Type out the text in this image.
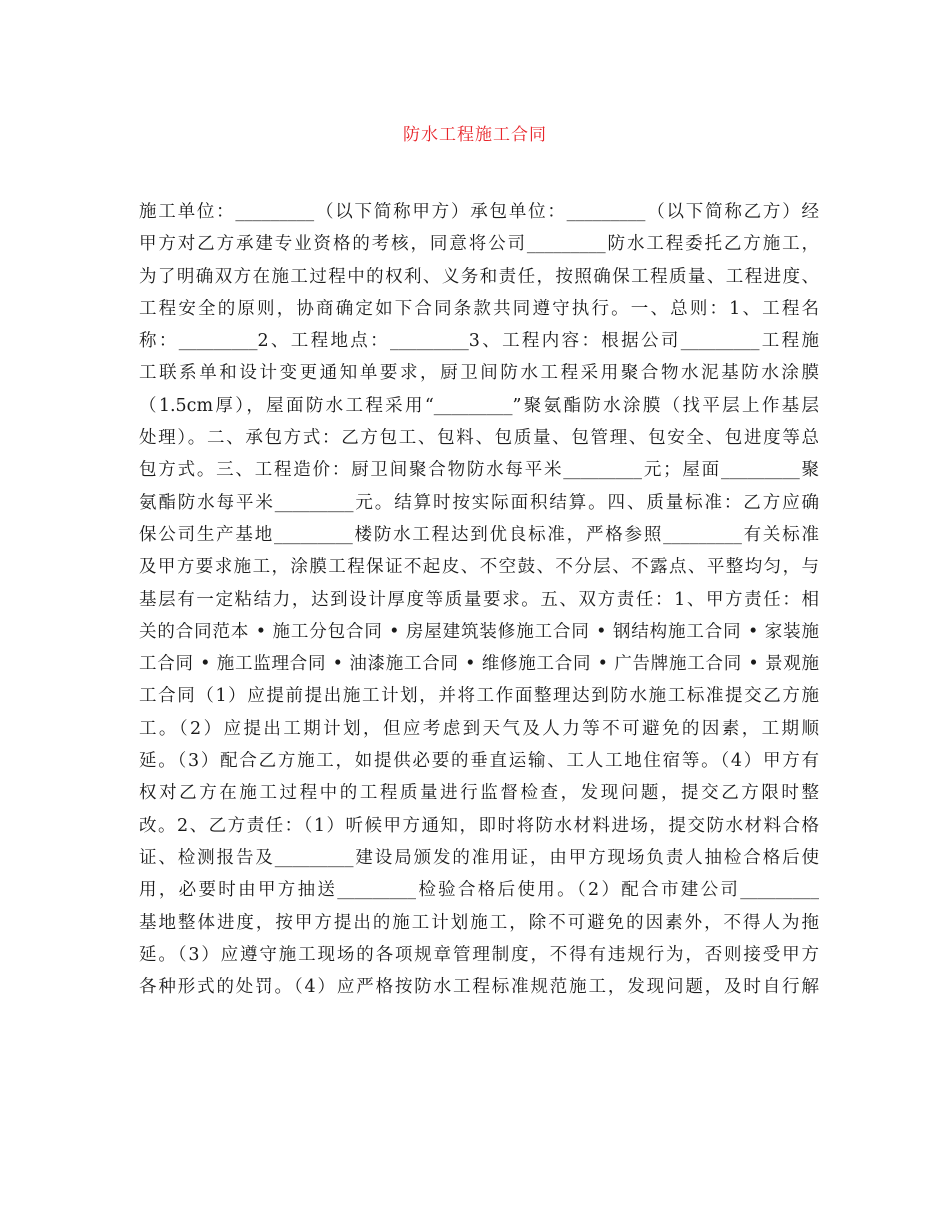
防水工程施工合同
施工单位：_________（以下简称甲方）承包单位：_________（以下简称乙方）经
甲方对乙方承建专业资格的考核，同意将公司_________防水工程委托乙方施工，
为了明确双方在施工过程中的权利、义务和责任，按照确保工程质量、工程进度、
工程安全的原则，协商确定如下合同条款共同遵守执行。一、总则：1、工程名
称：_________2、工程地点：_________3、工程内容：根据公司_________工程施
工联系单和设计变更通知单要求，厨卫间防水工程采用聚合物水泥基防水涂膜
（1.5cm厚），屋面防水工程采用“_________”聚氨酯防水涂膜（找平层上作基层
处理）。二、承包方式：乙方包工、包料、包质量、包管理、包安全、包进度等总
包方式。三、工程造价：厨卫间聚合物防水每平米_________元；屋面_________聚
氨酯防水每平米_________元。结算时按实际面积结算。四、质量标准：乙方应确
保公司生产基地_________楼防水工程达到优良标准，严格参照_________有关标准
及甲方要求施工，涂膜工程保证不起皮、不空鼓、不分层、不露点、平整均匀，与
基层有一定粘结力，达到设计厚度等质量要求。五、双方责任：1、甲方责任：相
关的合同范本 • 施工分包合同 • 房屋建筑装修施工合同 • 钢结构施工合同 • 家装施
工合同 • 施工监理合同 • 油漆施工合同 • 维修施工合同 • 广告牌施工合同 • 景观施
工合同（1）应提前提出施工计划，并将工作面整理达到防水施工标准提交乙方施
工。（2）应提出工期计划，但应考虑到天气及人力等不可避免的因素，工期顺
延。（3）配合乙方施工，如提供必要的垂直运输、工人工地住宿等。（4）甲方有
权对乙方在施工过程中的工程质量进行监督检查，发现问题，提交乙方限时整
改。2、乙方责任：（1）听候甲方通知，即时将防水材料进场，提交防水材料合格
证、检测报告及_________建设局颁发的准用证，由甲方现场负责人抽检合格后使
用，必要时由甲方抽送_________检验合格后使用。（2）配合市建公司_________
基地整体进度，按甲方提出的施工计划施工，除不可避免的因素外，不得人为拖
延。（3）应遵守施工现场的各项规章管理制度，不得有违规行为，否则接受甲方
各种形式的处罚。（4）应严格按防水工程标准规范施工，发现问题，及时自行解
